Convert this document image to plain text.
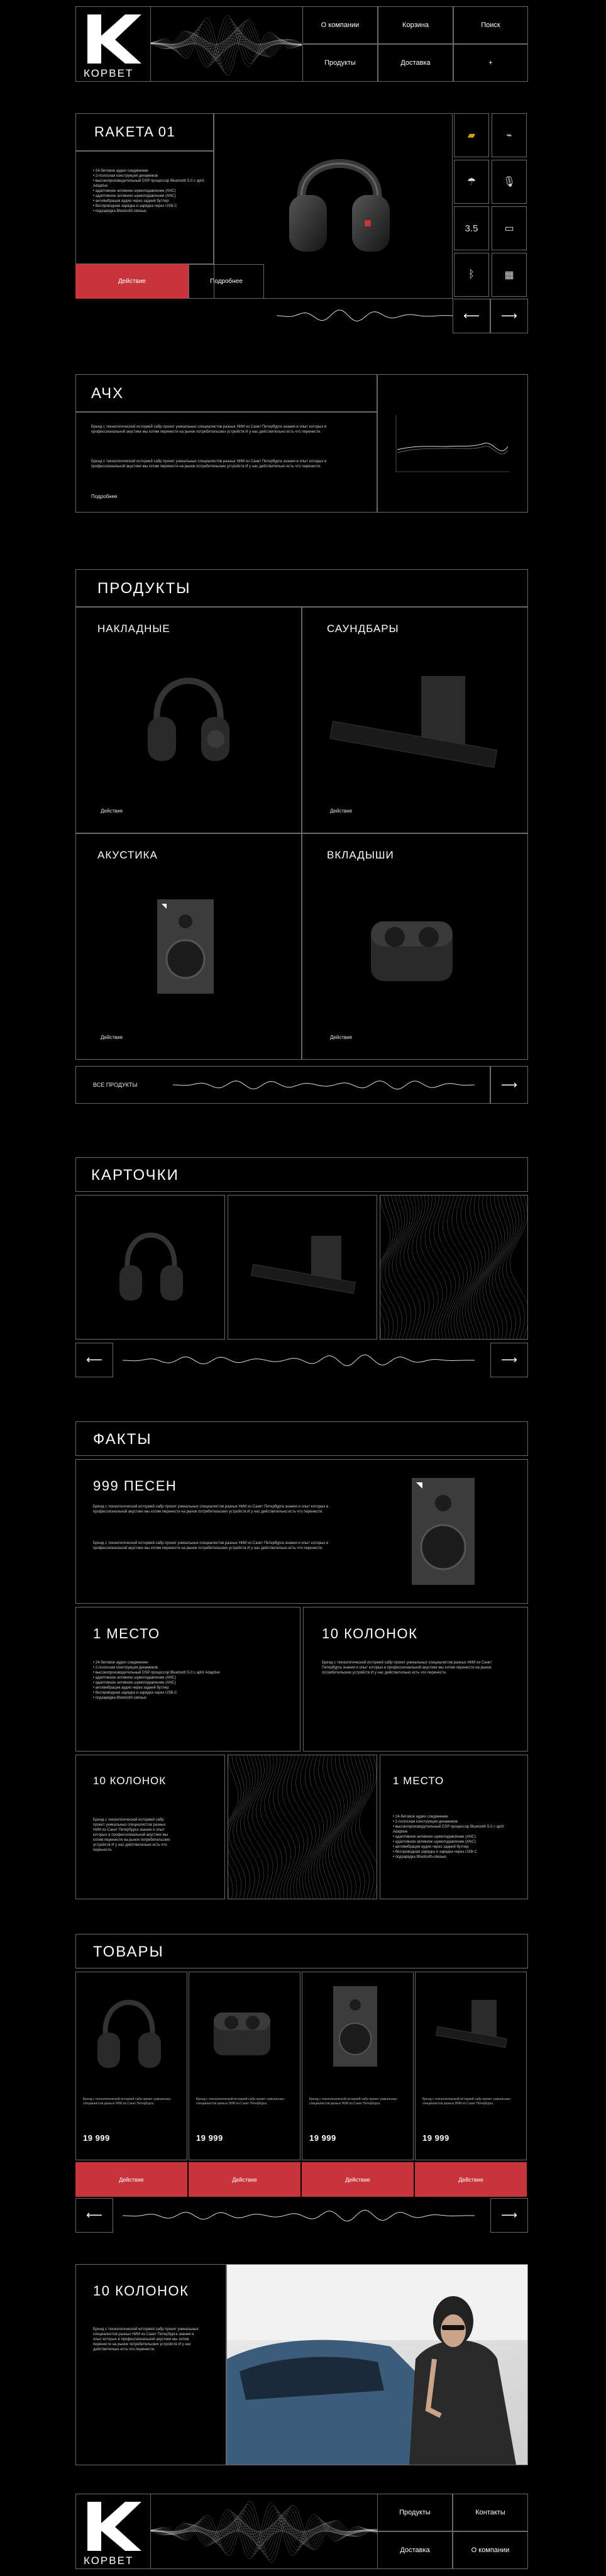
КОРВЕТ
О компании	Корзина	Поиск
Продукты	Доставка	+
RAKETA 01
• 24-битовое аудио соединение
• 2-полосная конструкция динамиков
• высокопроизводительный DSP процессор Bluetooth 5.0 с aptX Adaptive
• адаптивное активное шумоподавление (ANC)
• адаптивное активное шумоподавление (ANC)
• антивибрация аудио через задний бутлер
• беспроводная зарядка и зарядка через USB-C
• подзарядка Bluetooth-связью
Действие	Подробнее
▰	⌁
☂	🎙
3.5	▭
ᛒ	▦
⟵ ⟶
АЧХ
Бренд с технологической историей сабр проект уникальных специалистов разных НИИ из Санкт Петербурга знания и опыт которых в профессиональной акустике мы хотим перенести на рынок потребительских устройств И у нас действительно есть что перенести.
Бренд с технологической историей сабр проект уникальных специалистов разных НИИ из Санкт Петербурга знания и опыт которых в профессиональной акустике мы хотим перенести на рынок потребительских устройств И у нас действительно есть что перенести.
Подробнее
ПРОДУКТЫ
НАКЛАДНЫЕ
Действие
САУНДБАРЫ
Действие
АКУСТИКА
Действие
ВКЛАДЫШИ
Действие
ВСЕ ПРОДУКТЫ	⟶
КАРТОЧКИ
⟵	⟶
ФАКТЫ
999 ПЕСЕН
Бренд с технологической историей сабр проект уникальных специалистов разных НИИ из Санкт Петербурга знания и опыт которых в профессиональной акустике мы хотим перенести на рынок потребительских устройств И у нас действительно есть что перенести.
Бренд с технологической историей сабр проект уникальных специалистов разных НИИ из Санкт Петербурга знания и опыт которых в профессиональной акустике мы хотим перенести на рынок потребительских устройств И у нас действительно есть что перенести.
1 МЕСТО
• 24-битовое аудио соединение
• 2-полосная конструкция динамиков
• высокопроизводительный DSP процессор Bluetooth 5.0 с aptX Adaptive
• адаптивное активное шумоподавление (ANC)
• адаптивное активное шумоподавление (ANC)
• антивибрация аудио через задний бутлер
• беспроводная зарядка и зарядка через USB-C
• подзарядка Bluetooth-связью
10 КОЛОНОК
Бренд с технологической историей сабр проект уникальных специалистов разных НИИ из Санкт Петербурга знания и опыт которых в профессиональной акустике мы хотим перенести на рынок потребительских устройств И у нас действительно есть что перенести.
10 КОЛОНОК
Бренд с технологической историей сабр проект уникальных специалистов разных НИИ из Санкт Петербурга знания и опыт которых в профессиональной акустике мы хотим перенести на рынок потребительских устройств И у нас действительно есть что перенести.
1 МЕСТО
• 24-битовое аудио соединение
• 2-полосная конструкция динамиков
• высокопроизводительный DSP процессор Bluetooth 5.0 с aptX Adaptive
• адаптивное активное шумоподавление (ANC)
• адаптивное активное шумоподавление (ANC)
• антивибрация аудио через задний бутлер
• беспроводная зарядка и зарядка через USB-C
• подзарядка Bluetooth-связью
ТОВАРЫ
Бренд с технологической историей сабр проект уникальных специалистов разных НИИ из Санкт Петербурга.
19 999
Действие
Бренд с технологической историей сабр проект уникальных специалистов разных НИИ из Санкт Петербурга.
19 999
Действие
Бренд с технологической историей сабр проект уникальных специалистов разных НИИ из Санкт Петербурга.
19 999
Действие
Бренд с технологической историей сабр проект уникальных специалистов разных НИИ из Санкт Петербурга.
19 999
Действие
⟵	⟶
10 КОЛОНОК
Бренд с технологической историей сабр проект уникальных специалистов разных НИИ из Санкт Петербурга знания и опыт которых в профессиональной акустике мы хотим перенести на рынок потребительских устройств И у нас действительно есть что перенести.
КОРВЕТ
Продукты	Контакты
Доставка	О компании
